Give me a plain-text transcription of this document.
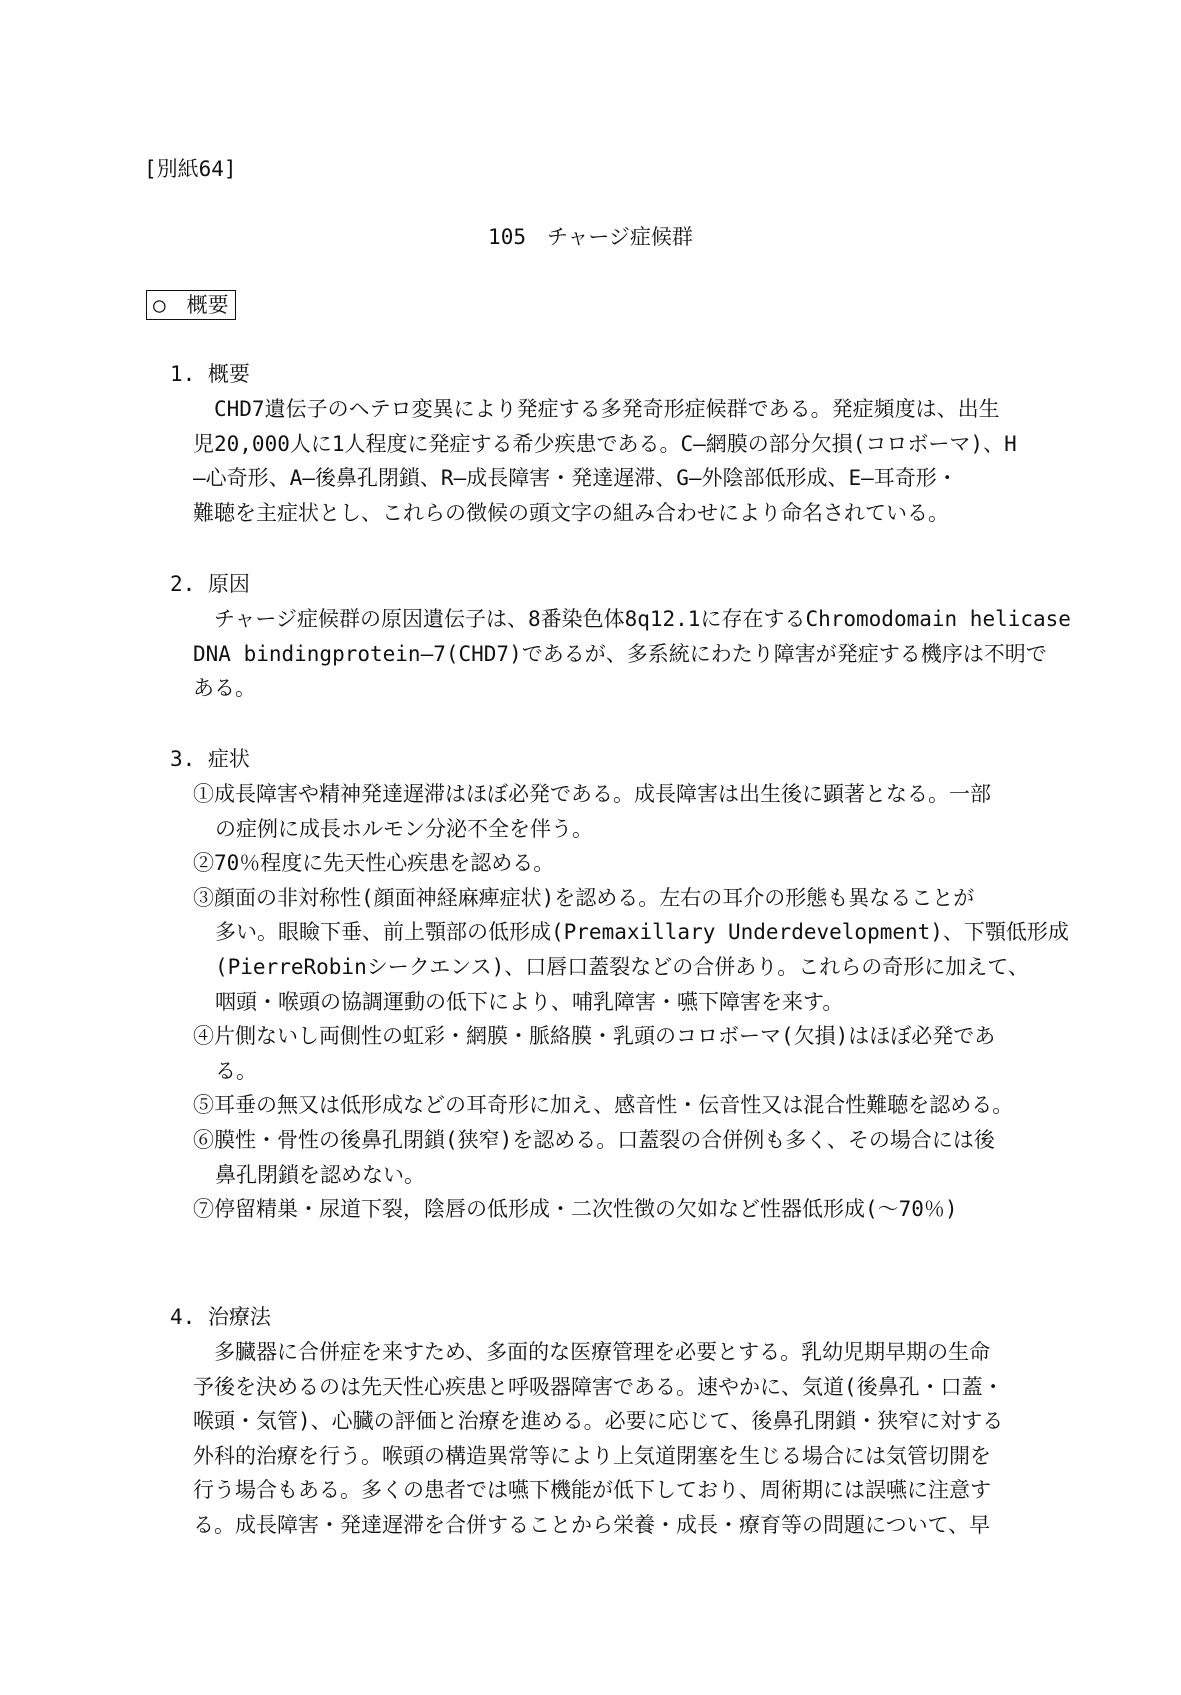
[別紙64]
105　チャージ症候群
○　概要
1. 概要
CHD7遺伝子のヘテロ変異により発症する多発奇形症候群である。発症頻度は、出生
児20,000人に1人程度に発症する希少疾患である。C—網膜の部分欠損(コロボーマ)、H
—心奇形、A—後鼻孔閉鎖、R—成長障害・発達遅滞、G—外陰部低形成、E—耳奇形・
難聴を主症状とし、これらの徴候の頭文字の組み合わせにより命名されている。
2. 原因
チャージ症候群の原因遺伝子は、8番染色体8q12.1に存在するChromodomain helicase
DNA bindingprotein—7(CHD7)であるが、多系統にわたり障害が発症する機序は不明で
ある。
3. 症状
①成長障害や精神発達遅滞はほぼ必発である。成長障害は出生後に顕著となる。一部
の症例に成長ホルモン分泌不全を伴う。
②70％程度に先天性心疾患を認める。
③顔面の非対称性(顔面神経麻痺症状)を認める。左右の耳介の形態も異なることが
多い。眼瞼下垂、前上顎部の低形成(Premaxillary Underdevelopment)、下顎低形成
(PierreRobinシークエンス)、口唇口蓋裂などの合併あり。これらの奇形に加えて、
咽頭・喉頭の協調運動の低下により、哺乳障害・嚥下障害を来す。
④片側ないし両側性の虹彩・網膜・脈絡膜・乳頭のコロボーマ(欠損)はほぼ必発であ
る。
⑤耳垂の無又は低形成などの耳奇形に加え、感音性・伝音性又は混合性難聴を認める。
⑥膜性・骨性の後鼻孔閉鎖(狭窄)を認める。口蓋裂の合併例も多く、その場合には後
鼻孔閉鎖を認めない。
⑦停留精巣・尿道下裂，陰唇の低形成・二次性徴の欠如など性器低形成(～70％)
4. 治療法
多臓器に合併症を来すため、多面的な医療管理を必要とする。乳幼児期早期の生命
予後を決めるのは先天性心疾患と呼吸器障害である。速やかに、気道(後鼻孔・口蓋・
喉頭・気管)、心臓の評価と治療を進める。必要に応じて、後鼻孔閉鎖・狭窄に対する
外科的治療を行う。喉頭の構造異常等により上気道閉塞を生じる場合には気管切開を
行う場合もある。多くの患者では嚥下機能が低下しており、周術期には誤嚥に注意す
る。成長障害・発達遅滞を合併することから栄養・成長・療育等の問題について、早
